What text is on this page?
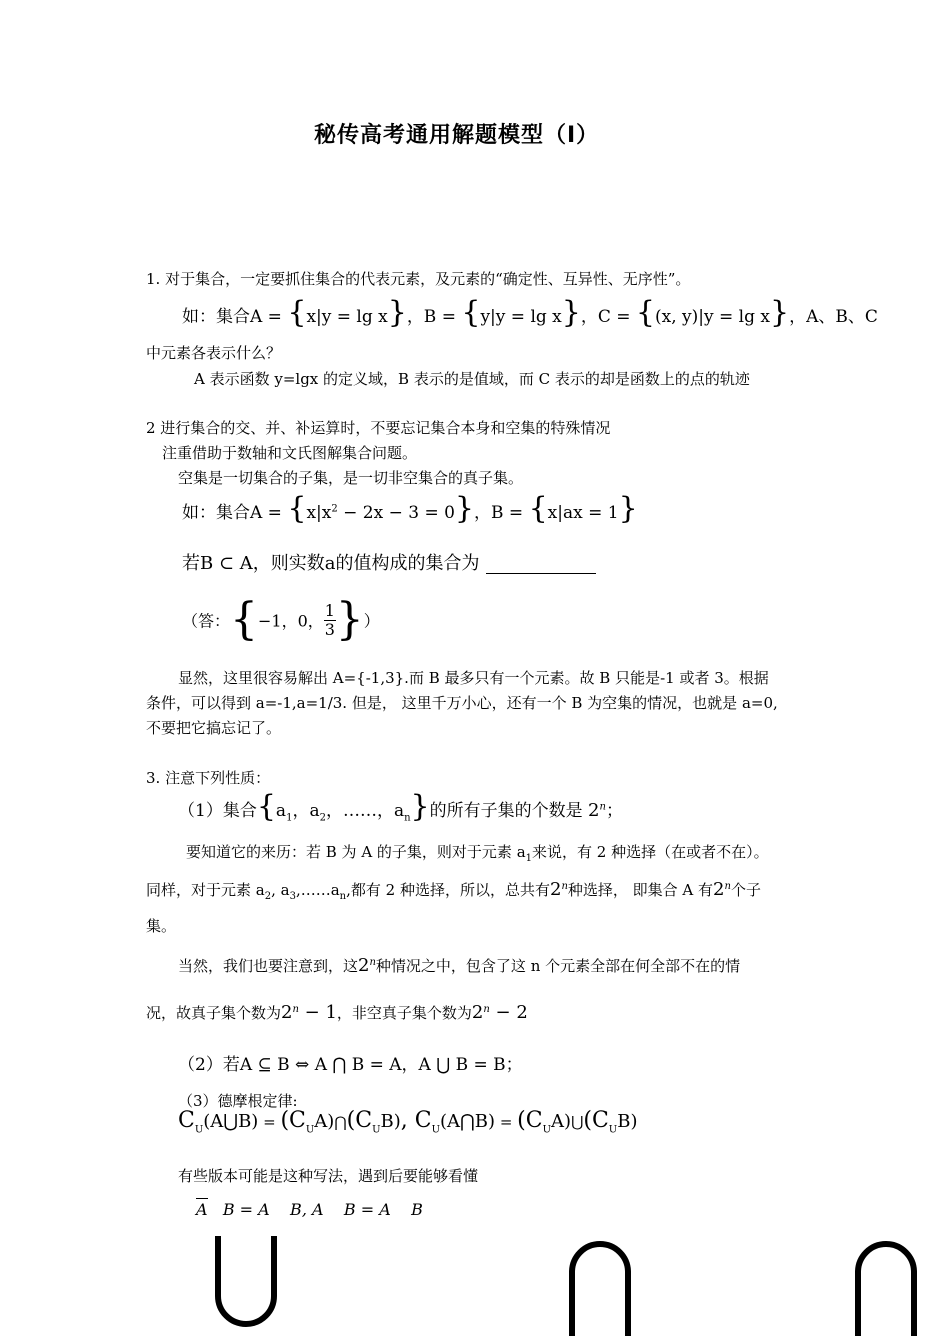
秘传高考通用解题模型（I）
1. 对于集合，一定要抓住集合的代表元素，及元素的“确定性、互异性、无序性”。
如：集合A = {x|y = lg x}，B = {y|y = lg x}，C = {(x, y)|y = lg x}，A、B、C
中元素各表示什么？
A 表示函数 y=lgx 的定义域，B 表示的是值域，而 C 表示的却是函数上的点的轨迹
2 进行集合的交、并、补运算时，不要忘记集合本身和空集的特殊情况
注重借助于数轴和文氏图解集合问题。
空集是一切集合的子集，是一切非空集合的真子集。
如：集合$A = \{x|x^2 - 2x - 3 = 0\}$，B = {x|ax = 1}
若B ⊂ A，则实数a的值构成的集合为
（答：{−1，0， $\frac{1}{3}$ }）
显然，这里很容易解出 A={-1,3}.而 B 最多只有一个元素。故 B 只能是-1 或者 3。根据
条件，可以得到 a=-1,a=1/3. 但是， 这里千万小心，还有一个 B 为空集的情况，也就是 a=0,
不要把它搞忘记了。
3. 注意下列性质：
（1）集合{$a_1$，$a_2$，……，$a_n$}的所有子集的个数是 2$^n$；
要知道它的来历：若 B 为 A 的子集，则对于元素 $a_1$来说，有 2 种选择（在或者不在）。
同样，对于元素 $a_2$, $a_3,\dots\dots a_n$,都有 2 种选择，所以，总共有2$^n$种选择， 即集合 A 有2$^n$个子
集。
当然，我们也要注意到，这2$^n$种情况之中，包含了这 n 个元素全部在何全部不在的情
况，故真子集个数为$2^n - 1$，非空真子集个数为$2^n - 2$
（2）若A ⊆ B ⇔ A ⋂ B = A，A ⋃ B = B；
（3）德摩根定律:
$C_U(A⋃B)$ = $(C_UA)⋂(C_UB)$, $C_U(A⋂B)$ = $(C_UA)⋃(C_UB)$
有些版本可能是这种写法，遇到后要能够看懂
A   B = A    B, A    B = A    B
